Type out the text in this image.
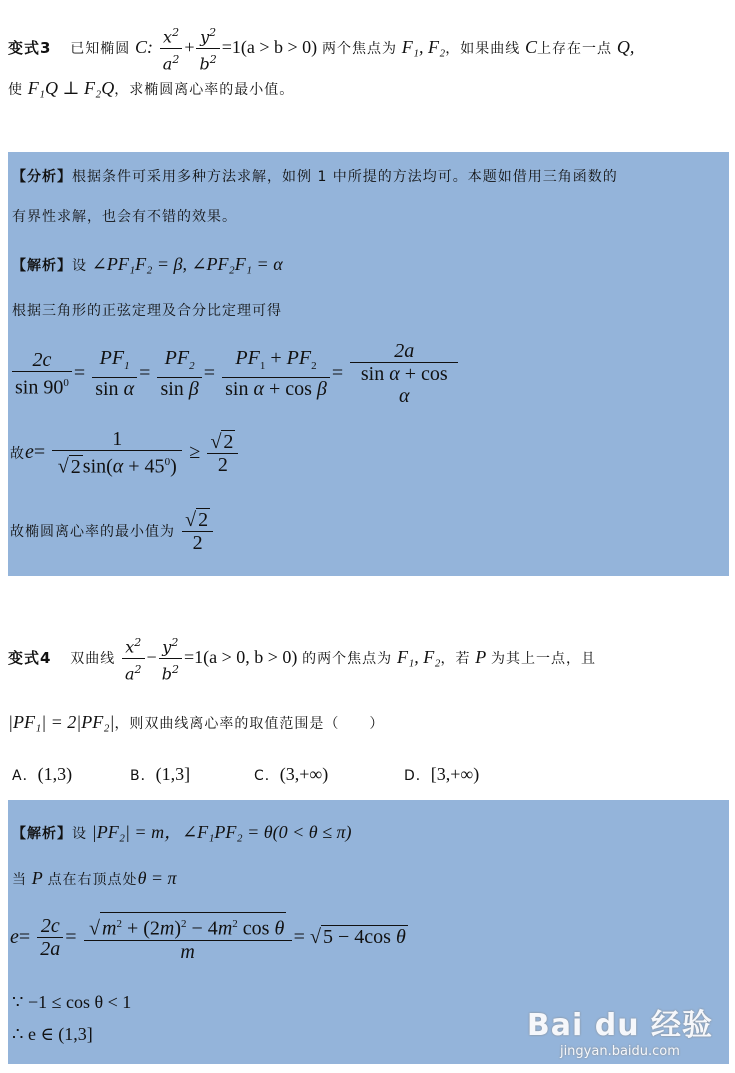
变式3 已知椭圆 C: $\frac{x^2}{a^2} + \frac{y^2}{b^2} =1(a > b > 0)$ 两个焦点为 F₁, F₂，如果曲线 C上存在一点 Q,
使 F₁Q ⊥ F₂Q，求椭圆离心率的最小值。
【分析】根据条件可采用多种方法求解，如例 1 中所提的方法均可。本题如借用三角函数的
有界性求解，也会有不错的效果。
【解析】设 ∠PF₁F₂ = β, ∠PF₂F₁ = α
根据三角形的正弦定理及合分比定理可得
$\frac{2c}{\sin 90^0} = \frac{PF_1}{\text{sin α}} = \frac{PF_2}{\text{sin β}} = \frac{PF_1 + PF_2}{\text{sin α + cos β}} = \frac{2a}{\text{sin α + cos α}}$
故$e= \frac{1}{√ 2 \sin(\alpha + 45^0)} \ge \frac{√ 2}{2}$
故椭圆离心率的最小值为 $\frac{√ 2}{2}$
变式4 双曲线 $\frac{x^2}{a^2} - \frac{y^2}{b^2} =1(a > 0$, b > 0) 的两个焦点为 F₁, F₂，若 P 为其上一点，且
|PF₁| = 2|PF₂|，则双曲线离心率的取值范围是（　　）
A．(1,3)	B．(1,3]	C．(3,+∞)	D．[3,+∞)
【解析】设 |PF₂| = m，∠F₁PF₂ = θ(0 < θ ≤ π)
当 P 点在右顶点处θ = π
$e= \frac{2c}{2a} = \frac{√ m^2 + (2m)^2 - 4m^2 \cos \theta}{m}$ = √ 5 − 4cos θ
∵ −1 ≤ cos θ < 1
∴ e ∈ (1,3]	Bai du 经验
jingyan.baidu.com
